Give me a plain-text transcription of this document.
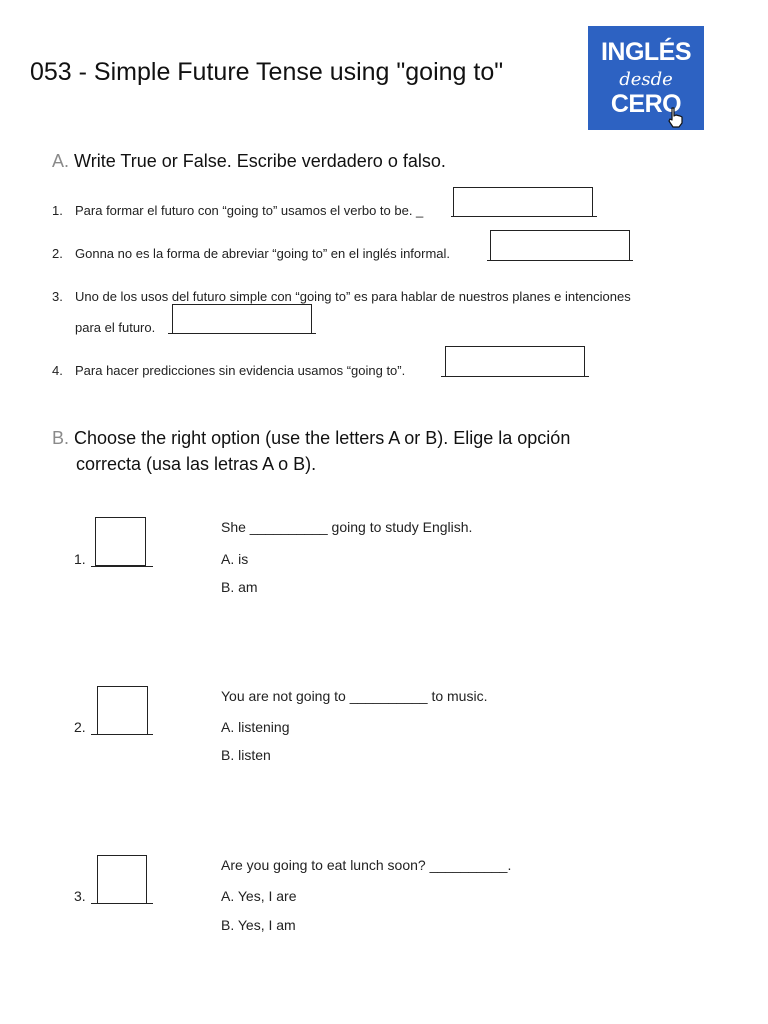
053 - Simple Future Tense using "going to"
INGLÉS
desde
CERO
A. Write True or False. Escribe verdadero o falso.
1. Para formar el futuro con “going to” usamos el verbo to be. _
2. Gonna no es la forma de abreviar “going to” en el inglés informal.
3. Uno de los usos del futuro simple con “going to” es para hablar de nuestros planes e intenciones
para el futuro.
4. Para hacer predicciones sin evidencia usamos “going to”.
B. Choose the right option (use the letters A or B). Elige la opción
correcta (usa las letras A o B).
1.
She __________ going to study English.
A. is
B. am
2.
You are not going to __________ to music.
A. listening
B. listen
3.
Are you going to eat lunch soon? __________.
A. Yes, I are
B. Yes, I am
